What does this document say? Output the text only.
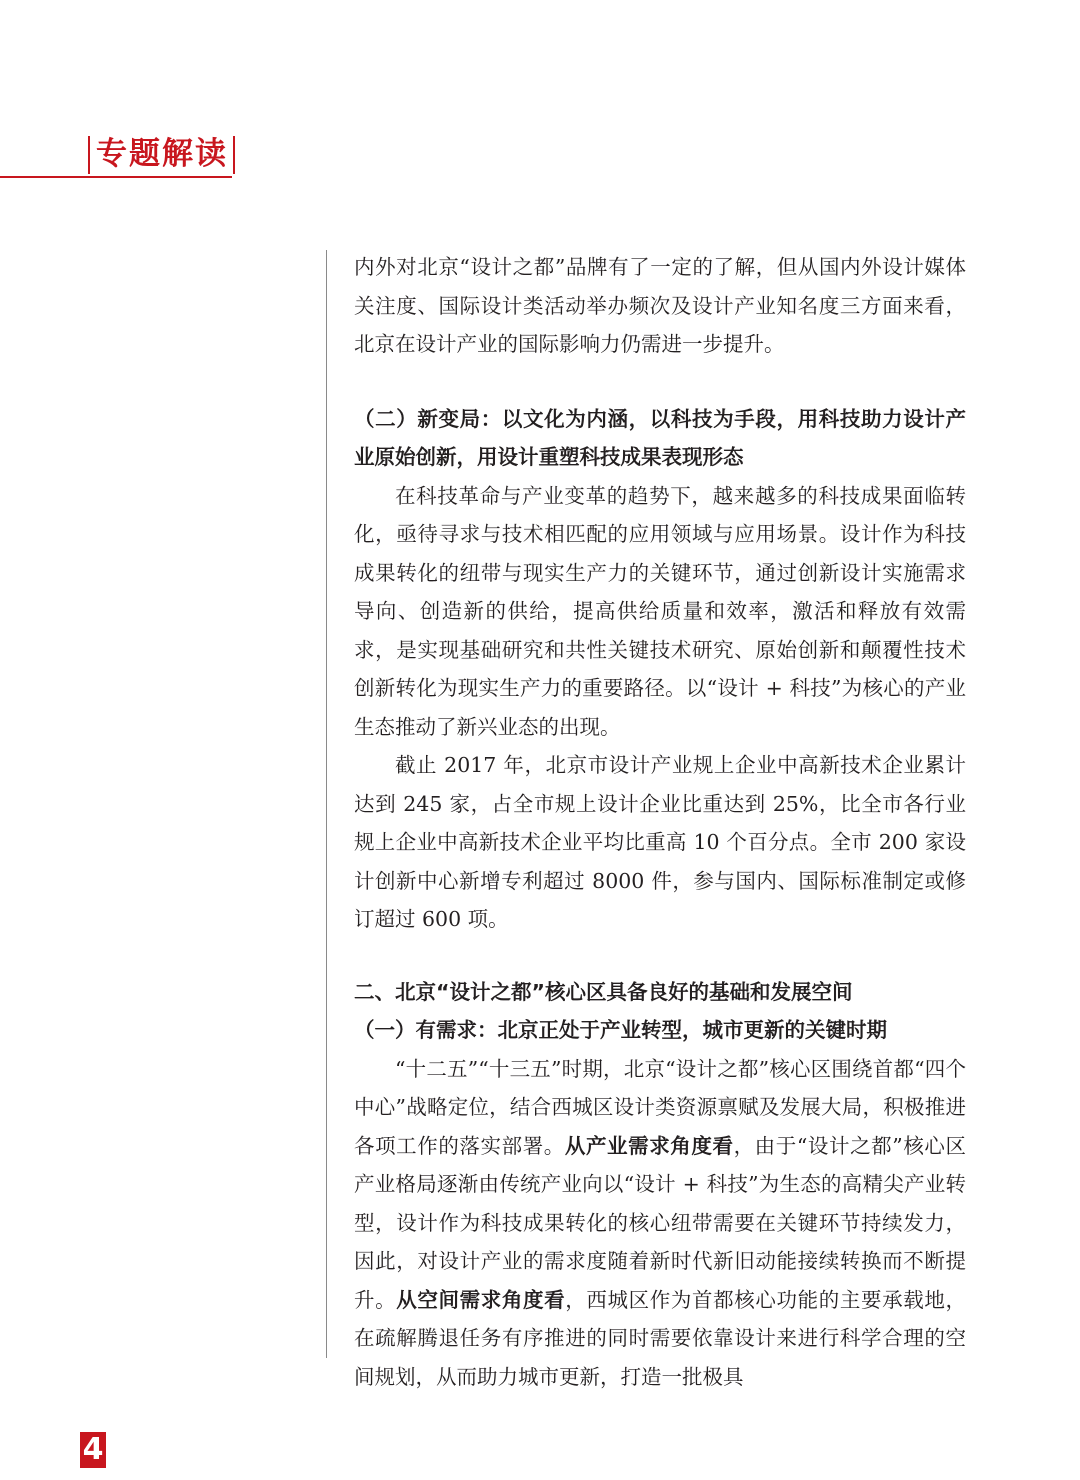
专题解读

内外对北京“设计之都”品牌有了一定的了解，但从国内外设计媒体关注度、国际设计类活动举办频次及设计产业知名度三方面来看，北京在设计产业的国际影响力仍需进一步提升。

（二）新变局：以文化为内涵，以科技为手段，用科技助力设计产业原始创新，用设计重塑科技成果表现形态

在科技革命与产业变革的趋势下，越来越多的科技成果面临转化，亟待寻求与技术相匹配的应用领域与应用场景。设计作为科技成果转化的纽带与现实生产力的关键环节，通过创新设计实施需求导向、创造新的供给，提高供给质量和效率，激活和释放有效需求，是实现基础研究和共性关键技术研究、原始创新和颠覆性技术创新转化为现实生产力的重要路径。以“设计 + 科技”为核心的产业生态推动了新兴业态的出现。

截止 2017 年，北京市设计产业规上企业中高新技术企业累计达到 245 家，占全市规上设计企业比重达到 25%，比全市各行业规上企业中高新技术企业平均比重高 10 个百分点。全市 200 家设计创新中心新增专利超过 8000 件，参与国内、国际标准制定或修订超过 600 项。

二、北京“设计之都”核心区具备良好的基础和发展空间

（一）有需求：北京正处于产业转型，城市更新的关键时期

“十二五”“十三五”时期，北京“设计之都”核心区围绕首都“四个中心”战略定位，结合西城区设计类资源禀赋及发展大局，积极推进各项工作的落实部署。从产业需求角度看，由于“设计之都”核心区产业格局逐渐由传统产业向以“设计 + 科技”为生态的高精尖产业转型，设计作为科技成果转化的核心纽带需要在关键环节持续发力，因此，对设计产业的需求度随着新时代新旧动能接续转换而不断提升。从空间需求角度看，西城区作为首都核心功能的主要承载地，在疏解腾退任务有序推进的同时需要依靠设计来进行科学合理的空间规划，从而助力城市更新，打造一批极具

4
